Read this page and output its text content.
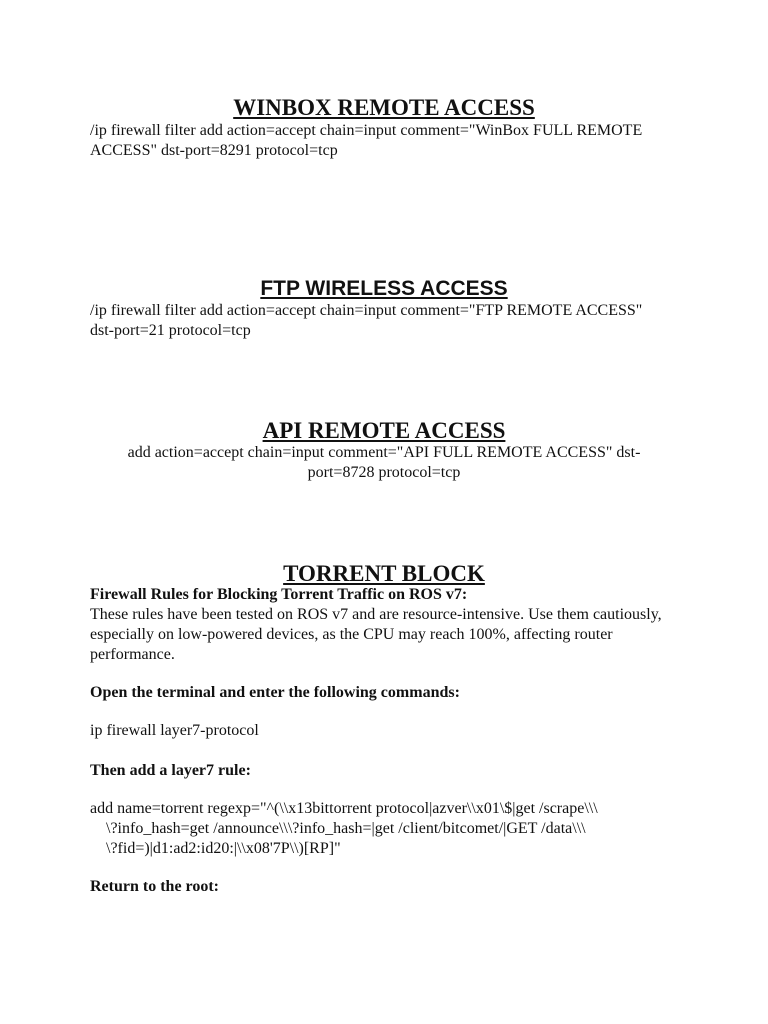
WINBOX REMOTE ACCESS

/ip firewall filter add action=accept chain=input comment="WinBox FULL REMOTE ACCESS" dst-port=8291 protocol=tcp

FTP WIRELESS ACCESS

/ip firewall filter add action=accept chain=input comment="FTP REMOTE ACCESS" dst-port=21 protocol=tcp

API REMOTE ACCESS

add action=accept chain=input comment="API FULL REMOTE ACCESS" dst-port=8728 protocol=tcp

TORRENT BLOCK

Firewall Rules for Blocking Torrent Traffic on ROS v7:

These rules have been tested on ROS v7 and are resource-intensive. Use them cautiously, especially on low-powered devices, as the CPU may reach 100%, affecting router performance.

Open the terminal and enter the following commands:

ip firewall layer7-protocol

Then add a layer7 rule:

add name=torrent regexp="^(\\x13bittorrent protocol|azver\\x01\$|get /scrape\\\
\?info_hash=get /announce\\\?info_hash=|get /client/bitcomet/|GET /data\\\
\?fid=)|d1:ad2:id20:|\\x08'7P\\)[RP]"

Return to the root:
